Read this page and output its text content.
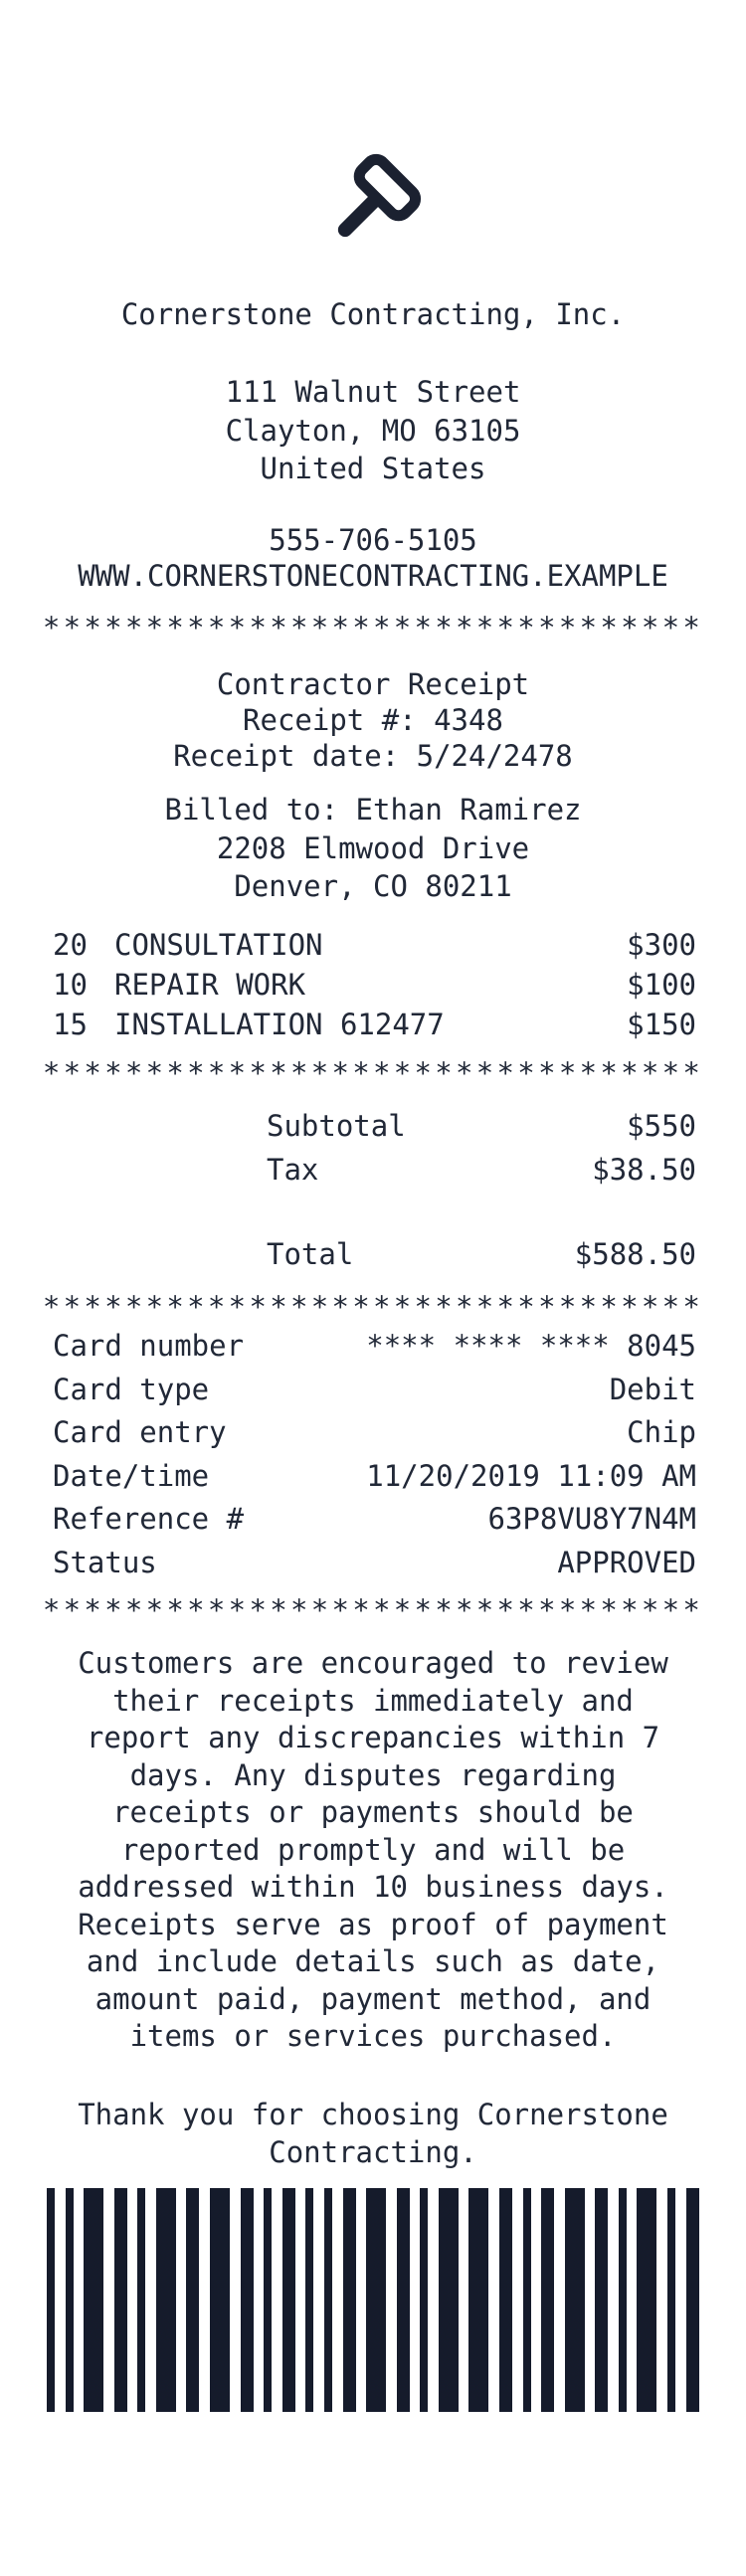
Cornerstone Contracting, Inc.
111 Walnut Street
Clayton, MO 63105
United States
555-706-5105
WWW.CORNERSTONECONTRACTING.EXAMPLE
********************************
Contractor Receipt
Receipt #: 4348
Receipt date: 5/24/2478
Billed to: Ethan Ramirez
2208 Elmwood Drive
Denver, CO 80211
20 CONSULTATION	$300
10 REPAIR WORK	$100
15 INSTALLATION 612477	$150
********************************
Subtotal	$550
Tax	$38.50
Total	$588.50
********************************
Card number	**** **** **** 8045
Card type	Debit
Card entry	Chip
Date/time	11/20/2019 11:09 AM
Reference #	63P8VU8Y7N4M
Status	APPROVED
********************************
Customers are encouraged to review their receipts immediately and report any discrepancies within 7 days. Any disputes regarding receipts or payments should be reported promptly and will be addressed within 10 business days. Receipts serve as proof of payment and include details such as date, amount paid, payment method, and items or services purchased.
Thank you for choosing Cornerstone Contracting.
